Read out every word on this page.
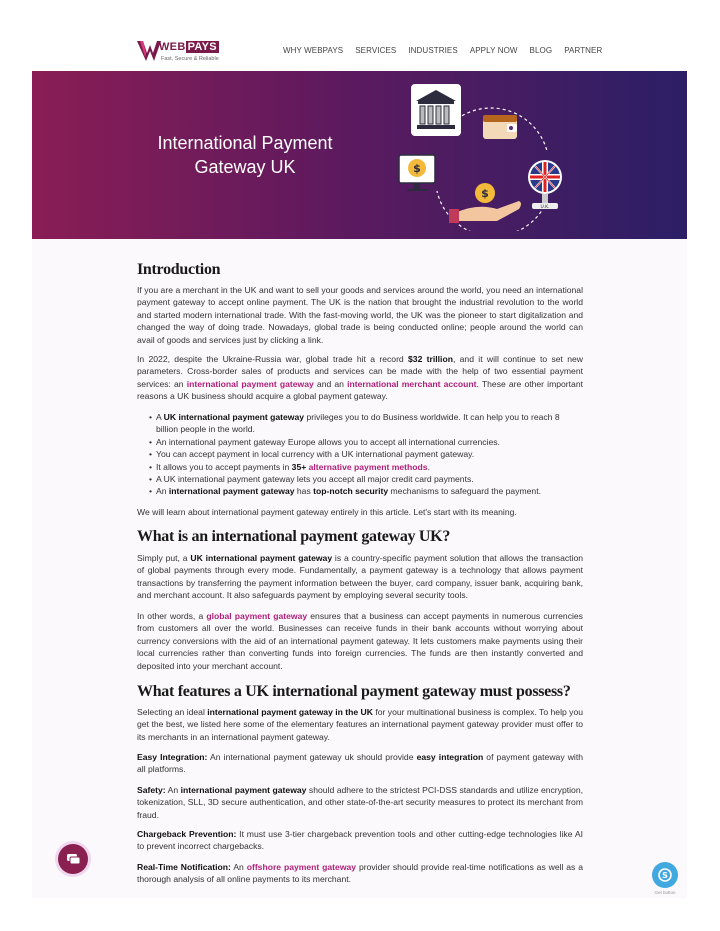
WEB PAYS
Fast, Secure & Reliable
WHY WEBPAYS SERVICES INDUSTRIES APPLY NOW BLOG PARTNER
International Payment Gateway UK	$
$
U.K.
Introduction

If you are a merchant in the UK and want to sell your goods and services around the world, you need an international payment gateway to accept online payment. The UK is the nation that brought the industrial revolution to the world and started modern international trade. With the fast-moving world, the UK was the pioneer to start digitalization and changed the way of doing trade. Nowadays, global trade is being conducted online; people around the world can avail of goods and services just by clicking a link.

In 2022, despite the Ukraine-Russia war, global trade hit a record $32 trillion, and it will continue to set new parameters. Cross-border sales of products and services can be made with the help of two essential payment services: an international payment gateway and an international merchant account. These are other important reasons a UK business should acquire a global payment gateway.

• A UK international payment gateway privileges you to do Business worldwide. It can help you to reach 8 billion people in the world.
• An international payment gateway Europe allows you to accept all international currencies.
• You can accept payment in local currency with a UK international payment gateway.
• It allows you to accept payments in 35+ alternative payment methods.
• A UK international payment gateway lets you accept all major credit card payments.
• An international payment gateway has top-notch security mechanisms to safeguard the payment.

We will learn about international payment gateway entirely in this article. Let's start with its meaning.

What is an international payment gateway UK?

Simply put, a UK international payment gateway is a country-specific payment solution that allows the transaction of global payments through every mode. Fundamentally, a payment gateway is a technology that allows payment transactions by transferring the payment information between the buyer, card company, issuer bank, acquiring bank, and merchant account. It also safeguards payment by employing several security tools.

In other words, a global payment gateway ensures that a business can accept payments in numerous currencies from customers all over the world. Businesses can receive funds in their bank accounts without worrying about currency conversions with the aid of an international payment gateway. It lets customers make payments using their local currencies rather than converting funds into foreign currencies. The funds are then instantly converted and deposited into your merchant account.

What features a UK international payment gateway must possess?

Selecting an ideal international payment gateway in the UK for your multinational business is complex. To help you get the best, we listed here some of the elementary features an international payment gateway provider must offer to its merchants in an international payment gateway.

Easy Integration: An international payment gateway uk should provide easy integration of payment gateway with all platforms.

Safety: An international payment gateway should adhere to the strictest PCI-DSS standards and utilize encryption, tokenization, SLL, 3D secure authentication, and other state-of-the-art security measures to protect its merchant from fraud.

Chargeback Prevention: It must use 3-tier chargeback prevention tools and other cutting-edge technologies like AI to prevent incorrect chargebacks.

Real-Time Notification: An offshore payment gateway provider should provide real-time notifications as well as a thorough analysis of all online payments to its merchant.	S
Get button
